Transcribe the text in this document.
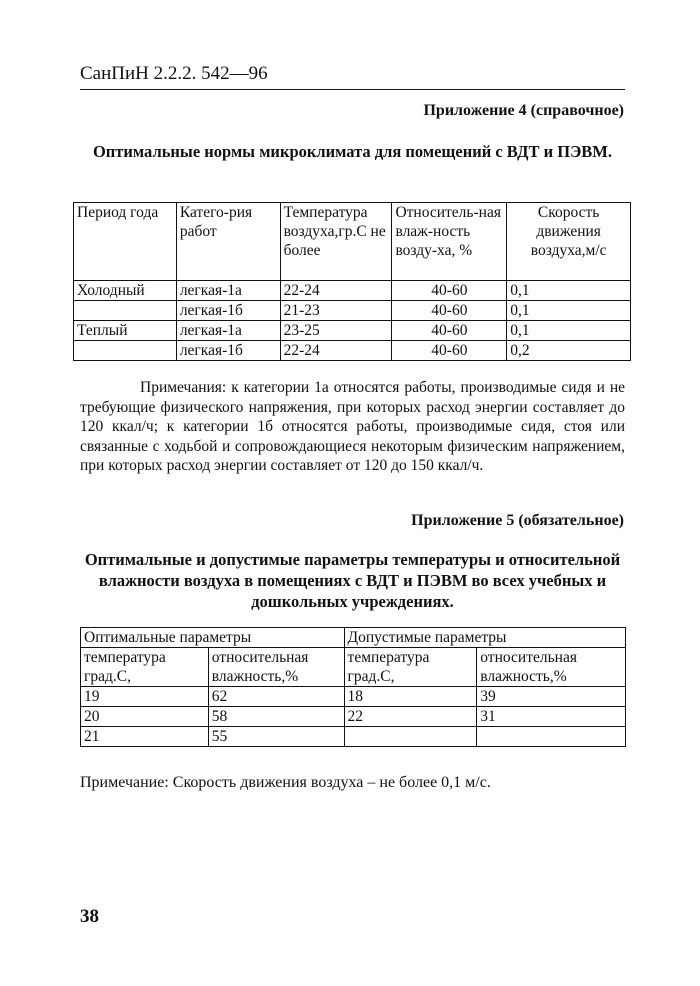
СанПиН 2.2.2. 542—96
Приложение 4 (справочное)
Оптимальные нормы микроклимата для помещений с ВДТ и ПЭВМ.
Период года	Катего-рия работ	Температура воздуха,гр.С не более	Относитель-ная влаж-ность возду-ха, %	Скорость движения воздуха,м/с
Холодный	легкая-1а	22-24	40-60	0,1
	легкая-1б	21-23	40-60	0,1
Теплый	легкая-1а	23-25	40-60	0,1
	легкая-1б	22-24	40-60	0,2

Примечания: к категории 1а относятся работы, производимые сидя и не требующие физического напряжения, при которых расход энергии составляет до 120 ккал/ч; к категории 1б относятся работы, производимые сидя, стоя или связанные с ходьбой и сопровождающиеся некоторым физическим напряжением, при которых расход энергии составляет от 120 до 150 ккал/ч.

Приложение 5 (обязательное)
Оптимальные и допустимые параметры температуры и относительной влажности воздуха в помещениях с ВДТ и ПЭВМ во всех учебных и дошкольных учреждениях.
Оптимальные параметры		Допустимые параметры	
температура град.С,	относительная влажность,%	температура град.С,	относительная влажность,%
19	62	18	39
20	58	22	31
21	55		
Примечание: Скорость движения воздуха – не более 0,1 м/с.
38
